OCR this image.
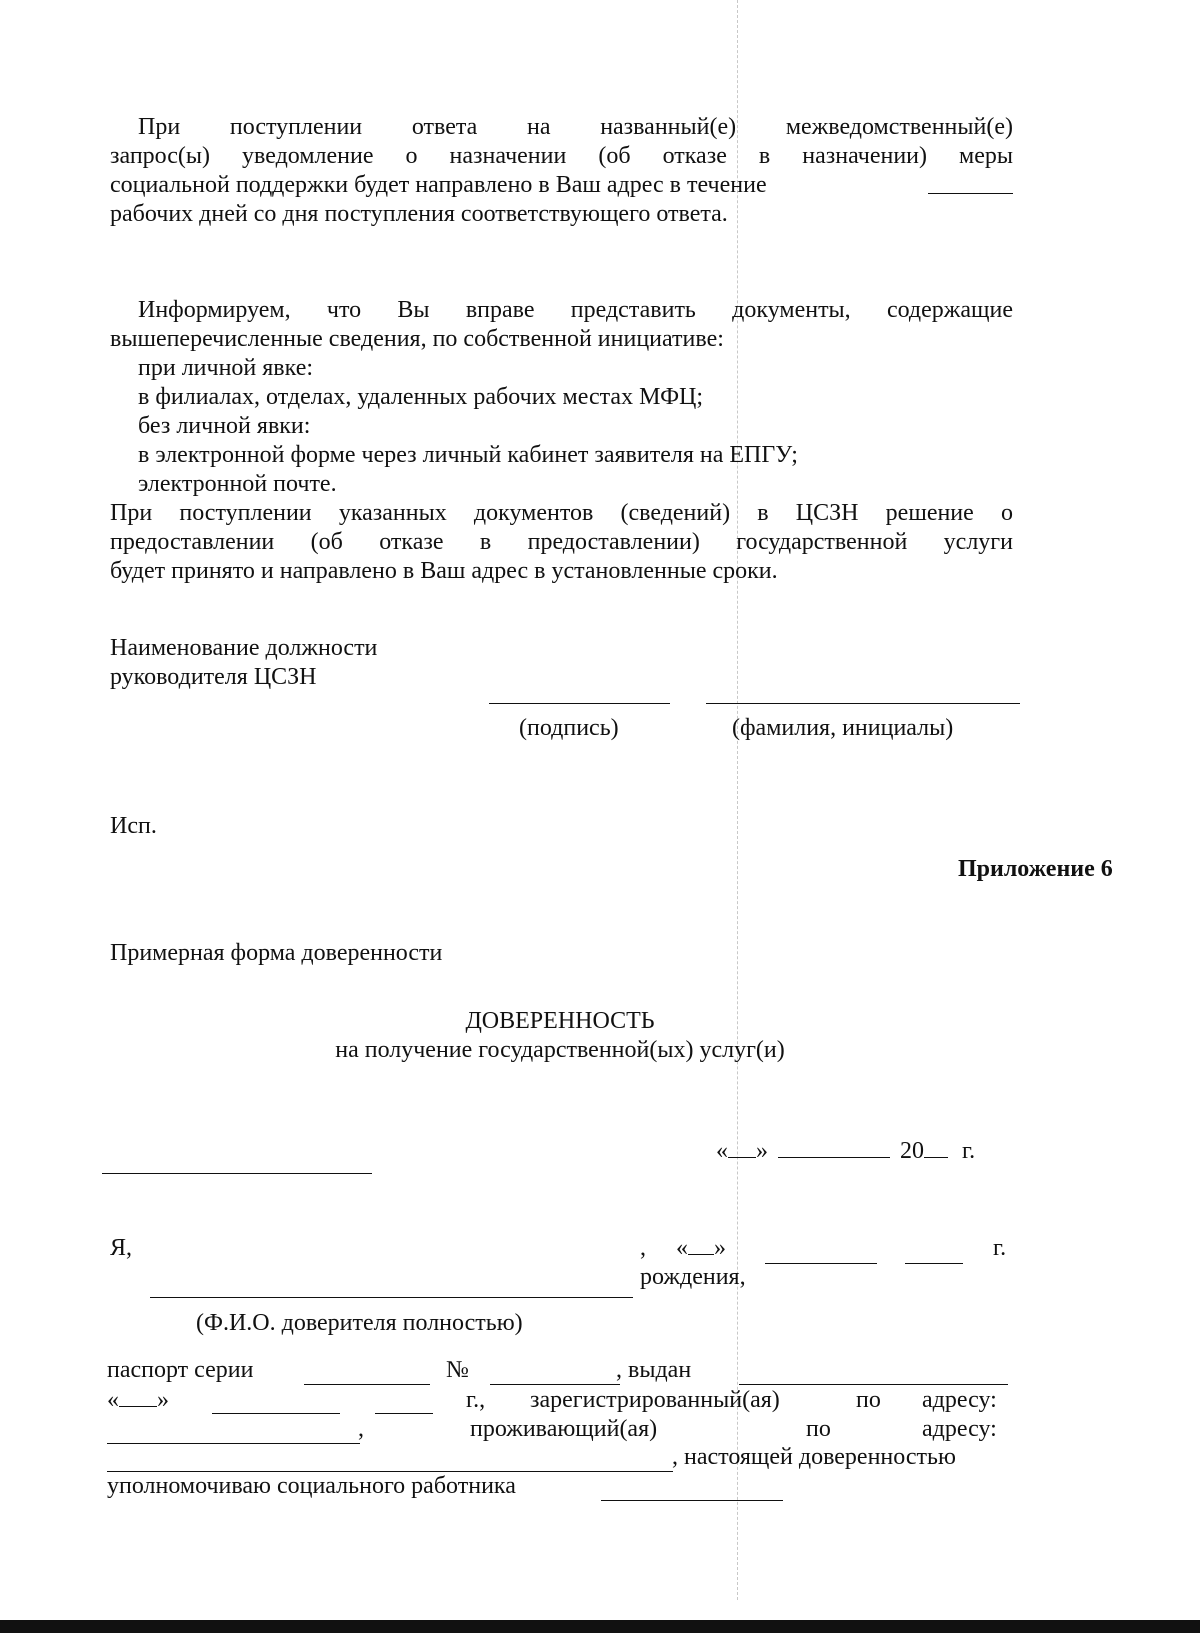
При поступлении ответа на названный(е) межведомственный(е)
запрос(ы) уведомление о назначении (об отказе в назначении) меры
социальной поддержки будет направлено в Ваш адрес в течение
рабочих дней со дня поступления соответствующего ответа.
Информируем, что Вы вправе представить документы, содержащие
вышеперечисленные сведения, по собственной инициативе:
при личной явке:
в филиалах, отделах, удаленных рабочих местах МФЦ;
без личной явки:
в электронной форме через личный кабинет заявителя на ЕПГУ;
электронной почте.
При поступлении указанных документов (сведений) в ЦСЗН решение о
предоставлении (об отказе в предоставлении) государственной услуги
будет принято и направлено в Ваш адрес в установленные сроки.
Наименование должности
руководителя ЦСЗН
(подпись)	(фамилия, инициалы)
Исп.
Приложение 6
Примерная форма доверенности
ДОВЕРЕННОСТЬ
на получение государственной(ых) услуг(и)
« »	20 г.
Я,	, « »	г.
рождения,
(Ф.И.О. доверителя полностью)
паспорт серии	№	, выдан
« »	г., зарегистрированный(ая)	по адресу:
,	проживающий(ая)	по	адресу:
, настоящей доверенностью
уполномочиваю социального работника
